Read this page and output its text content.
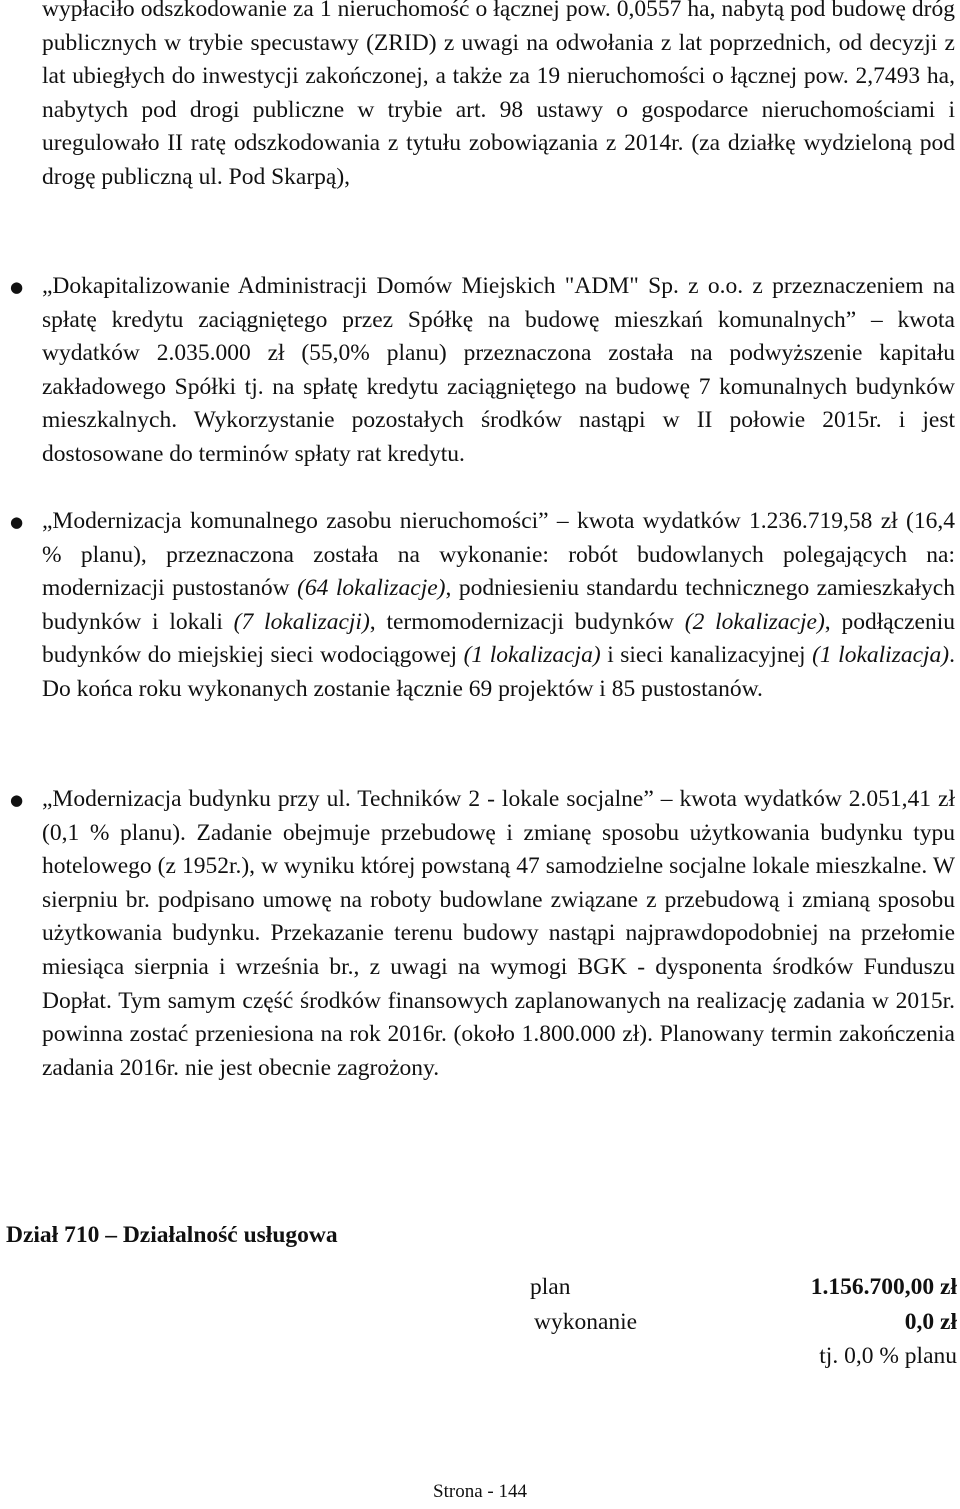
wypłaciło odszkodowanie za 1 nieruchomość o łącznej pow. 0,0557 ha, nabytą pod budowę dróg publicznych w trybie specustawy (ZRID) z uwagi na odwołania z lat poprzednich, od decyzji z lat ubiegłych do inwestycji zakończonej, a także za 19 nieruchomości o łącznej pow. 2,7493 ha, nabytych pod drogi publiczne w trybie art. 98 ustawy o gospodarce nieruchomościami i uregulowało II ratę odszkodowania z tytułu zobowiązania z 2014r. (za działkę wydzieloną pod drogę publiczną ul. Pod Skarpą),

● „Dokapitalizowanie Administracji Domów Miejskich "ADM" Sp. z o.o. z przeznaczeniem na spłatę kredytu zaciągniętego przez Spółkę na budowę mieszkań komunalnych” – kwota wydatków 2.035.000 zł (55,0% planu) przeznaczona została na podwyższenie kapitału zakładowego Spółki tj. na spłatę kredytu zaciągniętego na budowę 7 komunalnych budynków mieszkalnych. Wykorzystanie pozostałych środków nastąpi w II połowie 2015r. i jest dostosowane do terminów spłaty rat kredytu.
● „Modernizacja komunalnego zasobu nieruchomości” – kwota wydatków 1.236.719,58 zł (16,4 % planu), przeznaczona została na wykonanie: robót budowlanych polegających na: modernizacji pustostanów (64 lokalizacje), podniesieniu standardu technicznego zamieszkałych budynków i lokali (7 lokalizacji), termomodernizacji budynków (2 lokalizacje), podłączeniu budynków do miejskiej sieci wodociągowej (1 lokalizacja) i sieci kanalizacyjnej (1 lokalizacja). Do końca roku wykonanych zostanie łącznie 69 projektów i 85 pustostanów.
● „Modernizacja budynku przy ul. Techników 2 - lokale socjalne” – kwota wydatków 2.051,41 zł (0,1 % planu). Zadanie obejmuje przebudowę i zmianę sposobu użytkowania budynku typu hotelowego (z 1952r.), w wyniku której powstaną 47 samodzielne socjalne lokale mieszkalne. W sierpniu br. podpisano umowę na roboty budowlane związane z przebudową i zmianą sposobu użytkowania budynku. Przekazanie terenu budowy nastąpi najprawdopodobniej na przełomie miesiąca sierpnia i września br., z uwagi na wymogi BGK - dysponenta środków Funduszu Dopłat. Tym samym część środków finansowych zaplanowanych na realizację zadania w 2015r. powinna zostać przeniesiona na rok 2016r. (około 1.800.000 zł). Planowany termin zakończenia zadania 2016r. nie jest obecnie zagrożony.
Dział 710 – Działalność usługowa
plan	1.156.700,00 zł
wykonanie	0,0 zł
tj. 0,0 % planu
Strona - 144
